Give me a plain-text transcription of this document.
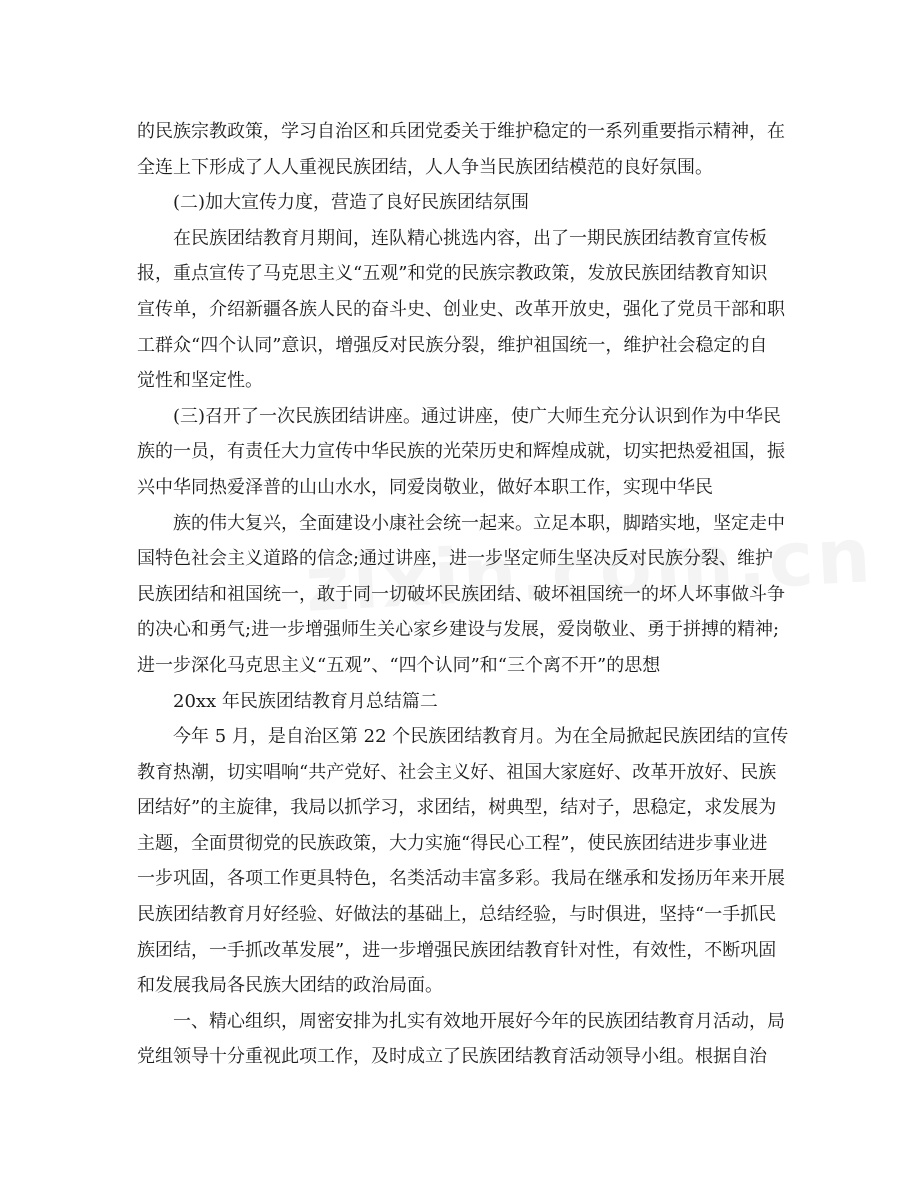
的民族宗教政策，学习自治区和兵团党委关于维护稳定的一系列重要指示精神，在
全连上下形成了人人重视民族团结，人人争当民族团结模范的良好氛围。
(二)加大宣传力度，营造了良好民族团结氛围
在民族团结教育月期间，连队精心挑选内容，出了一期民族团结教育宣传板
报，重点宣传了马克思主义“五观”和党的民族宗教政策，发放民族团结教育知识
宣传单，介绍新疆各族人民的奋斗史、创业史、改革开放史，强化了党员干部和职
工群众“四个认同”意识，增强反对民族分裂，维护祖国统一，维护社会稳定的自
觉性和坚定性。
(三)召开了一次民族团结讲座。通过讲座，使广大师生充分认识到作为中华民
族的一员，有责任大力宣传中华民族的光荣历史和辉煌成就，切实把热爱祖国，振
兴中华同热爱泽普的山山水水，同爱岗敬业，做好本职工作，实现中华民
族的伟大复兴，全面建设小康社会统一起来。立足本职，脚踏实地，坚定走中
国特色社会主义道路的信念;通过讲座，进一步坚定师生坚决反对民族分裂、维护
民族团结和祖国统一，敢于同一切破坏民族团结、破坏祖国统一的坏人坏事做斗争
的决心和勇气;进一步增强师生关心家乡建设与发展，爱岗敬业、勇于拼搏的精神;
进一步深化马克思主义“五观”、“四个认同”和“三个离不开”的思想
20xx 年民族团结教育月总结篇二
今年 5 月，是自治区第 22 个民族团结教育月。为在全局掀起民族团结的宣传
教育热潮，切实唱响“共产党好、社会主义好、祖国大家庭好、改革开放好、民族
团结好”的主旋律，我局以抓学习，求团结，树典型，结对子，思稳定，求发展为
主题，全面贯彻党的民族政策，大力实施“得民心工程”，使民族团结进步事业进
一步巩固，各项工作更具特色，名类活动丰富多彩。我局在继承和发扬历年来开展
民族团结教育月好经验、好做法的基础上，总结经验，与时俱进，坚持“一手抓民
族团结，一手抓改革发展”，进一步增强民族团结教育针对性，有效性，不断巩固
和发展我局各民族大团结的政治局面。
一、精心组织，周密安排为扎实有效地开展好今年的民族团结教育月活动，局
党组领导十分重视此项工作，及时成立了民族团结教育活动领导小组。根据自治
